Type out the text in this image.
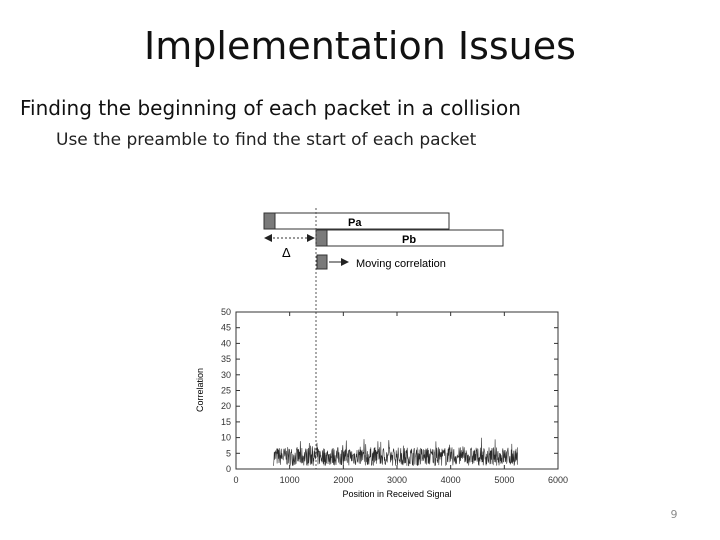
Implementation Issues
Finding the beginning of each packet in a collision
Use the preamble to find the start of each packet
Pa
Pb
Δ
Moving correlation
0
5
10
15
20
25
30
35
40
45
50
0	1000	2000	3000	4000	5000	6000
Position in Received Signal
Correlation
9
